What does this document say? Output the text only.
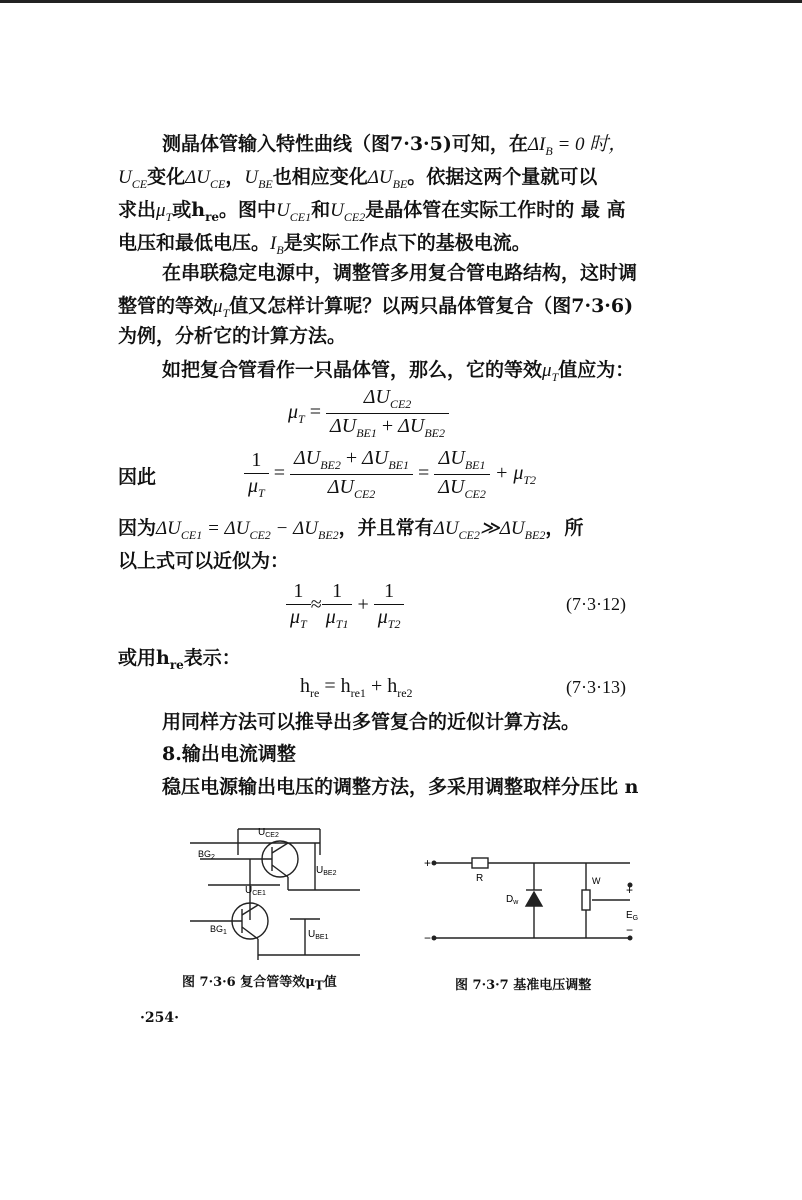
测晶体管输入特性曲线（图7·3·5)可知，在$\Delta I_B = 0$ 时，
$U_{CE}$变化$\Delta U_{CE}$，$U_{BE}$也相应变化$\Delta U_{BE}$。依据这两个量就可以
求出$\mu_T$或$h_{re}$。图中$U_{CE1}$和$U_{CE2}$是晶体管在实际工作时的 最 高
电压和最低电压。$I_B$是实际工作点下的基极电流。
在串联稳定电源中，调整管多用复合管电路结构，这时调
整管的等效$\mu_T$值又怎样计算呢？以两只晶体管复合（图7·3·6)
为例，分析它的计算方法。
如把复合管看作一只晶体管，那么，它的等效$\mu_T$值应为：
$\mu_T = \frac{\Delta U_{CE2}}{\Delta U_{BE1} + \Delta U_{BE2}}$
因此	$\frac{1}{\mu_T} = \frac{\Delta U_{BE2} + \Delta U_{BE1}}{\Delta U_{CE2}} = \frac{\Delta U_{BE1}}{\Delta U_{CE2}} + \mu_{T2}$
因为$\Delta U_{CE1} = \Delta U_{CE2} - \Delta U_{BE2}$，并且常有$\Delta U_{CE2}≫\Delta U_{BE2}$，所
以上式可以近似为：
$\frac{1}{\mu_T} \approx \frac{1}{\mu_{T1}} + \frac{1}{\mu_{T2}}$	(7·3·12)
或用$h_{re}$表示：
$h_{re} = h_{re1} + h_{re2}$	(7·3·13)
用同样方法可以推导出多管复合的近似计算方法。
8.输出电流调整
稳压电源输出电压的调整方法，多采用调整取样分压比 n
$U_{CE2}$
$U_{BE2}$
$U_{CE1}$
$U_{BE1}$
$BG_2$
$BG_1$
图 7·3·6 复合管等效$\mu_T$值
+
−
R
$D_w$
W
+
$E_G$
−
图 7·3·7 基准电压调整
·254·
